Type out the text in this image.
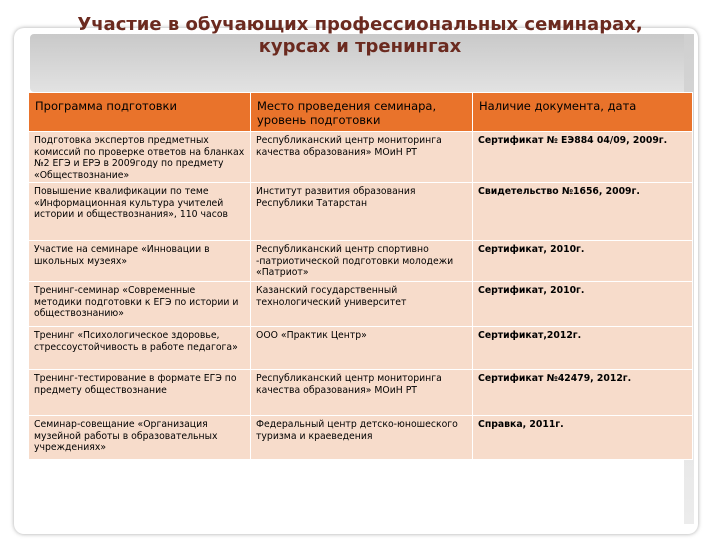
Участие в обучающих профессиональных семинарах,
курсах и тренингах
Программа подготовки	Место проведения семинара, уровень подготовки	Наличие документа, дата
Подготовка экспертов предметных комиссий по проверке ответов на бланках №2 ЕГЭ и ЕРЭ в 2009году по предмету «Обществознание»	Республиканский центр мониторинга качества образования» МОиН РТ	Сертификат № ЕЭ884 04/09, 2009г.
Повышение квалификации по теме «Информационная культура учителей истории и обществознания», 110 часов	Институт развития образования Республики Татарстан	Свидетельство №1656, 2009г.
Участие на семинаре «Инновации в школьных музеях»	Республиканский центр спортивно -патриотической подготовки молодежи «Патриот»	Сертификат, 2010г.
Тренинг-семинар «Современные методики подготовки к ЕГЭ по истории и обществознанию»	Казанский государственный технологический университет	Сертификат, 2010г.
Тренинг «Психологическое здоровье, стрессоустойчивость в работе педагога»	ООО «Практик Центр»	Сертификат,2012г.
Тренинг-тестирование в формате ЕГЭ по предмету обществознание	Республиканский центр мониторинга качества образования» МОиН РТ	Сертификат №42479, 2012г.
Семинар-совещание «Организация музейной работы в образовательных учреждениях»	Федеральный центр детско-юношеского туризма и краеведения	Справка, 2011г.
